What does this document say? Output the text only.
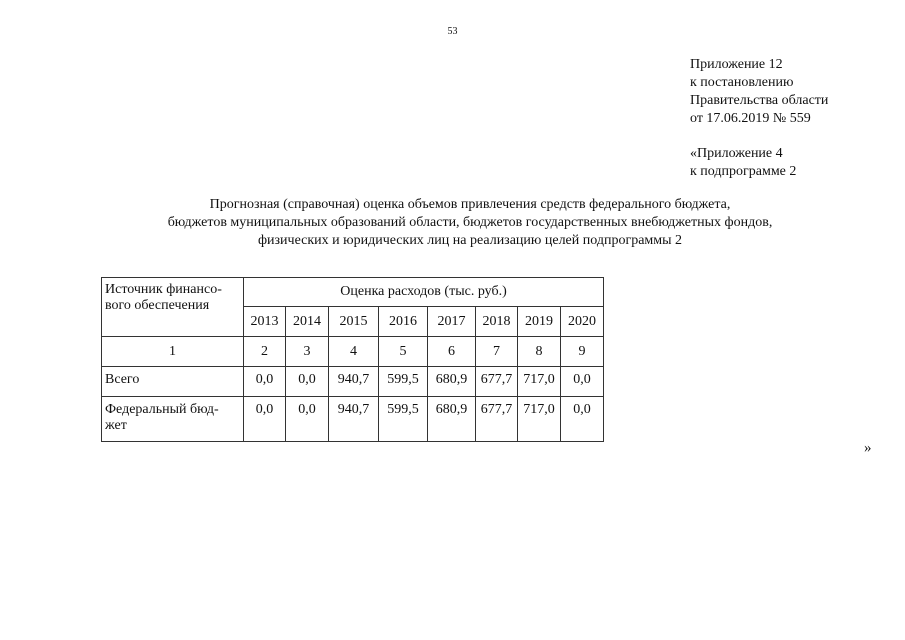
53
Приложение 12
к постановлению
Правительства области
от 17.06.2019 № 559
«Приложение 4
к подпрограмме 2
Прогнозная (справочная) оценка объемов привлечения средств федерального бюджета,
бюджетов муниципальных образований области, бюджетов государственных внебюджетных фондов,
физических и юридических лиц на реализацию целей подпрограммы 2
Источник финансо-
вого обеспечения	Оценка расходов (тыс. руб.)							
	2013	2014	2015	2016	2017	2018	2019	2020
1	2	3	4	5	6	7	8	9

Всего	0,0	0,0	940,7	599,5	680,9	677,7	717,0	0,0

Федеральный бюд-
жет	0,0	0,0	940,7	599,5	680,9	677,7	717,0	0,0
»
